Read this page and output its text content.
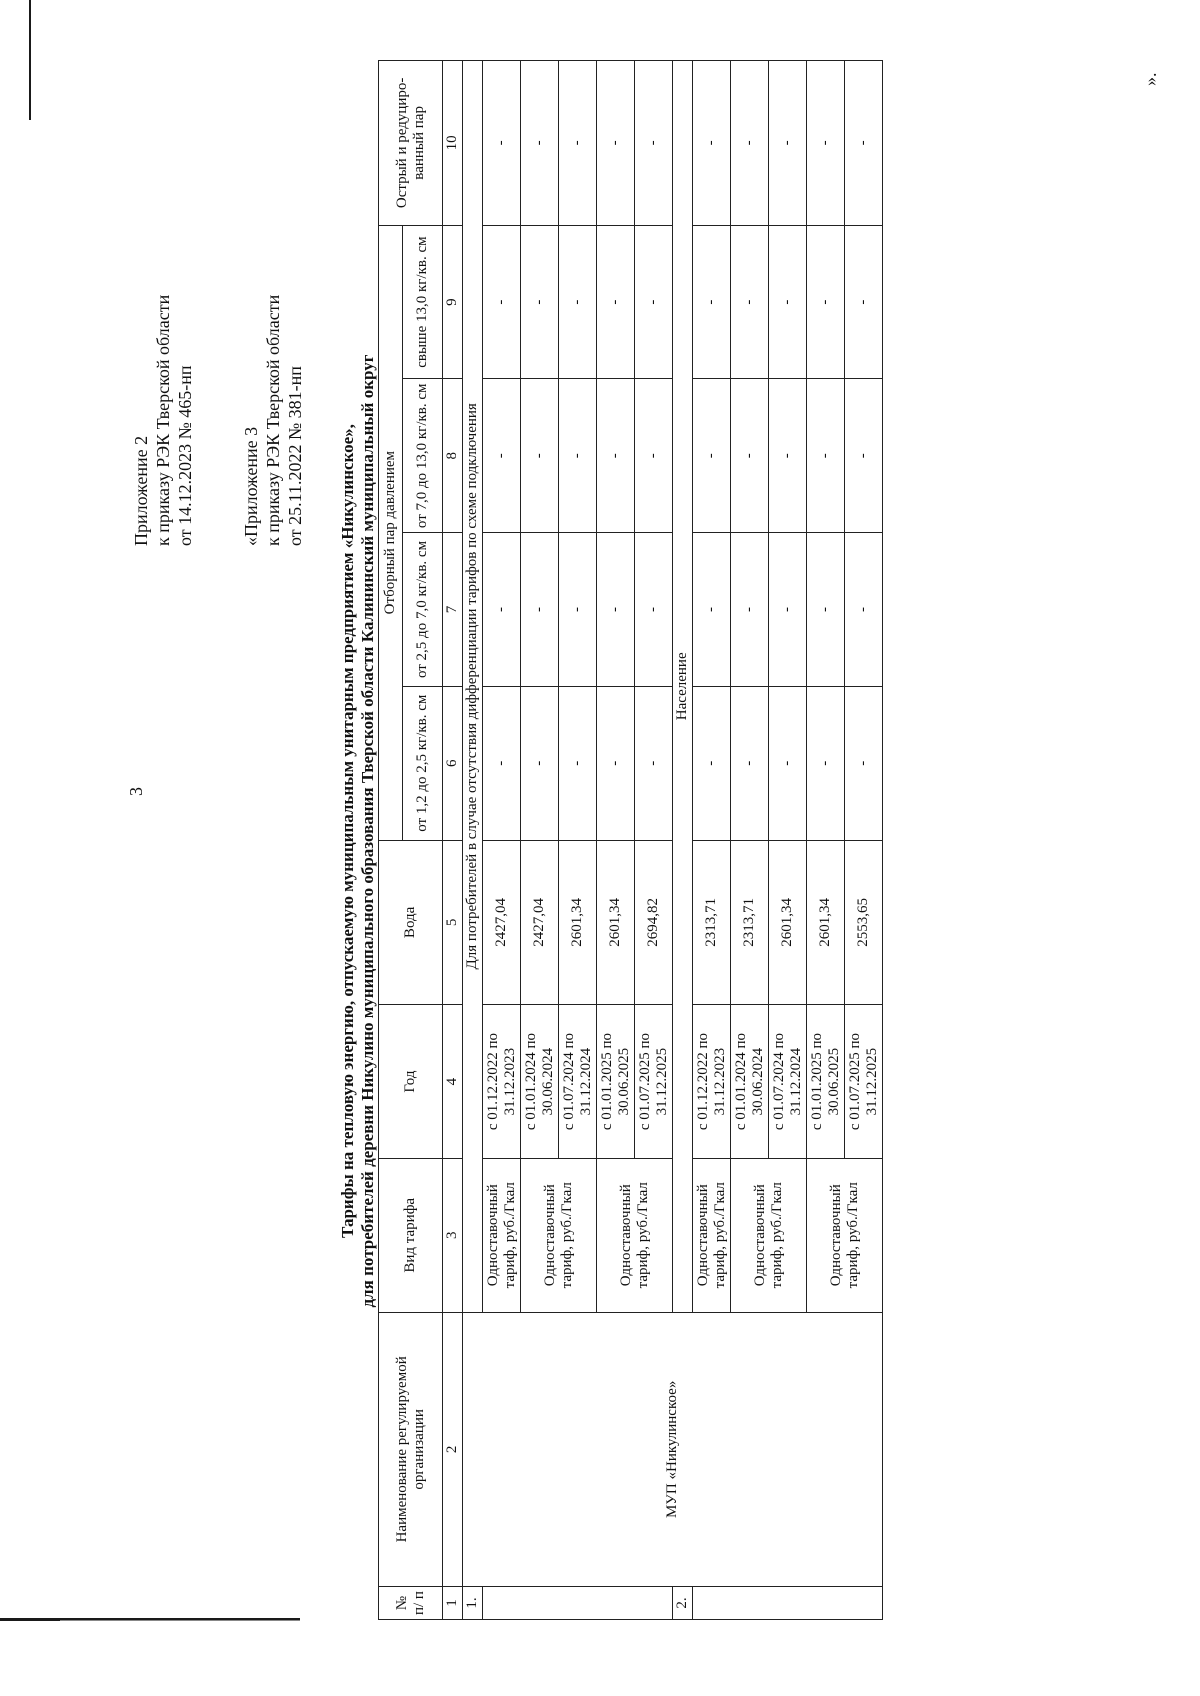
3
Приложение 2 к приказу РЭК Тверской области от 14.12.2023 № 465-нп	«Приложение 3 к приказу РЭК Тверской области от 25.11.2022 № 381-нп Тарифы на тепловую энергию, отпускаемую муниципальным унитарным предприятием «Никулинское», для потребителей деревни Никулино муниципального образования Тверской области Калининский муниципальный округ
№ п/ п	Наименование регулируемой организации	Вид тарифа	Год	Вода	Отборный пар давлением				Острый и редуциро-ванный пар
					от 1,2 до 2,5 кг/кв. см	от 2,5 до 7,0 кг/кв. см	от 7,0 до 13,0 кг/кв. см	свыше 13,0 кг/кв. см	
1	2	3	4	5	6	7	8	9	10
1.	МУП «Никулинское»	Для потребителей в случае отсутствия дифференциации тарифов по схеме подключения							
		Одноставочный тариф, руб./Гкал	с 01.12.2022 по 31.12.2023	2427,04	-	-	-	-	-
		Одноставочный тариф, руб./Гкал	с 01.01.2024 по 30.06.2024	2427,04	-	-	-	-	-
			с 01.07.2024 по 31.12.2024	2601,34	-	-	-	-	-
		Одноставочный тариф, руб./Гкал	с 01.01.2025 по 30.06.2025	2601,34	-	-	-	-	-
			с 01.07.2025 по 31.12.2025	2694,82	-	-	-	-	-
2.		Население							
		Одноставочный тариф, руб./Гкал	с 01.12.2022 по 31.12.2023	2313,71	-	-	-	-	-
		Одноставочный тариф, руб./Гкал	с 01.01.2024 по 30.06.2024	2313,71	-	-	-	-	-
			с 01.07.2024 по 31.12.2024	2601,34	-	-	-	-	-
		Одноставочный тариф, руб./Гкал	с 01.01.2025 по 30.06.2025	2601,34	-	-	-	-	-
			с 01.07.2025 по 31.12.2025	2553,65	-	-	-	-	-
».
